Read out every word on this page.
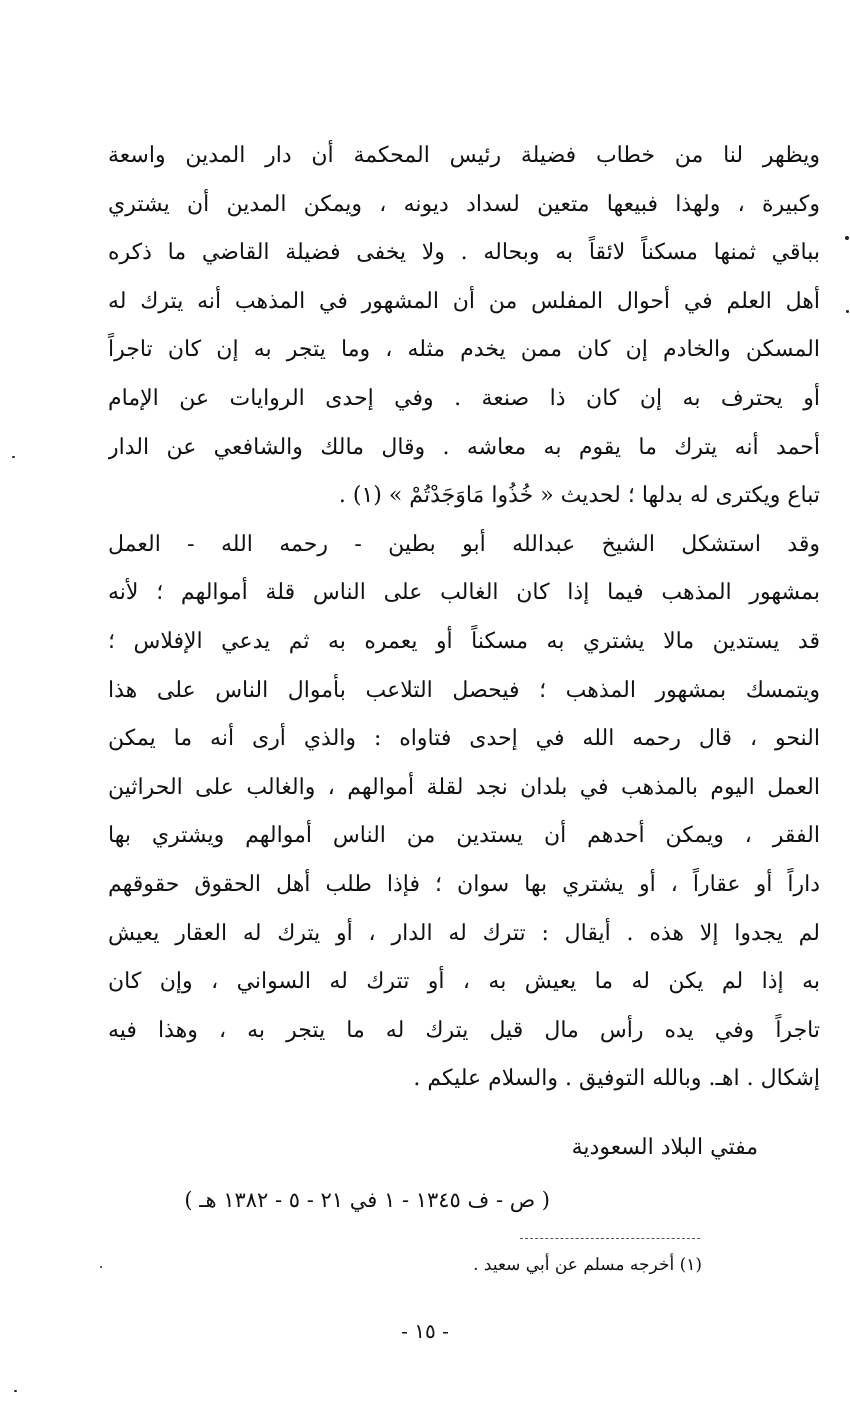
ويظهر لنا من خطاب فضيلة رئيس المحكمة أن دار المدين واسعة
وكبيرة ، ولهذا فبيعها متعين لسداد ديونه ، ويمكن المدين أن يشتري
بباقي ثمنها مسكناً لائقاً به وبحاله . ولا يخفى فضيلة القاضي ما ذكره
أهل العلم في أحوال المفلس من أن المشهور في المذهب أنه يترك له
المسكن والخادم إن كان ممن يخدم مثله ، وما يتجر به إن كان تاجراً
أو يحترف به إن كان ذا صنعة . وفي إحدى الروايات عن الإمام
أحمد أنه يترك ما يقوم به معاشه . وقال مالك والشافعي عن الدار
تباع ويكترى له بدلها ؛ لحديث « خُذُوا مَاوَجَدْتُمْ » (١) .
وقد استشكل الشيخ عبدالله أبو بطين - رحمه الله - العمل
بمشهور المذهب فيما إذا كان الغالب على الناس قلة أموالهم ؛ لأنه
قد يستدين مالا يشتري به مسكناً أو يعمره به ثم يدعي الإفلاس ؛
ويتمسك بمشهور المذهب ؛ فيحصل التلاعب بأموال الناس على هذا
النحو ، قال رحمه الله في إحدى فتاواه : والذي أرى أنه ما يمكن
العمل اليوم بالمذهب في بلدان نجد لقلة أموالهم ، والغالب على الحراثين
الفقر ، ويمكن أحدهم أن يستدين من الناس أموالهم ويشتري بها
داراً أو عقاراً ، أو يشتري بها سوان ؛ فإذا طلب أهل الحقوق حقوقهم
لم يجدوا إلا هذه . أيقال : تترك له الدار ، أو يترك له العقار يعيش
به إذا لم يكن له ما يعيش به ، أو تترك له السواني ، وإن كان
تاجراً وفي يده رأس مال قيل يترك له ما يتجر به ، وهذا فيه
إشكال . اهـ. وبالله التوفيق . والسلام عليكم .
مفتي البلاد السعودية
( ص - ف ١٣٤٥ - ١ في ٢١ - ٥ - ١٣٨٢ هـ )
(١) أخرجه مسلم عن أبي سعيد .
- ١٥ -
